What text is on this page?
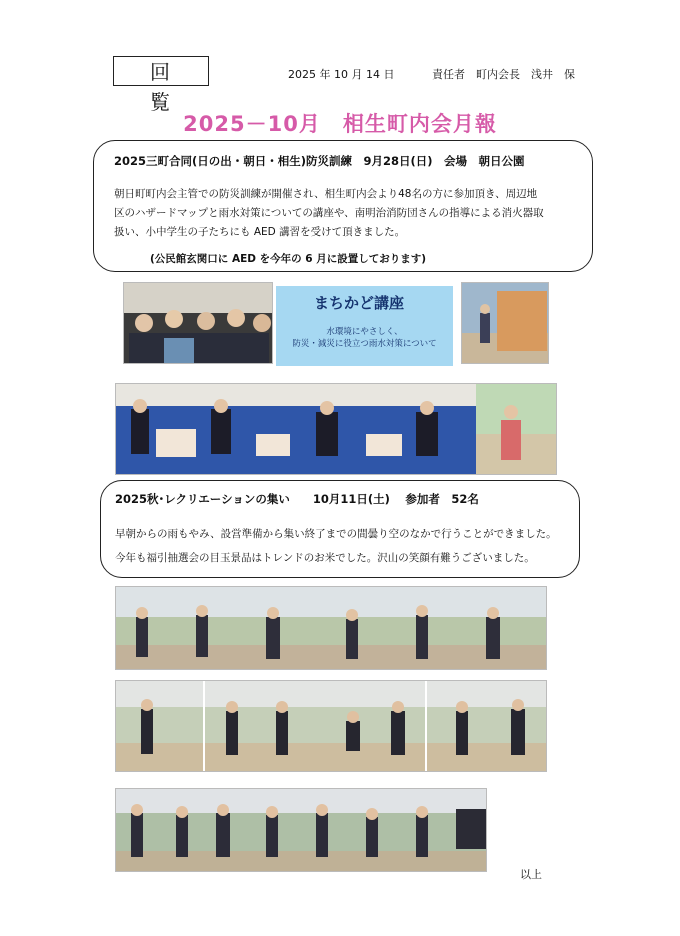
回 覧
2025 年 10 月 14 日	責任者　町内会長　浅井　保
2025－10月　相生町内会月報
2025三町合同(日の出・朝日・相生)防災訓練　9月28日(日)　会場　朝日公園
朝日町町内会主管での防災訓練が開催され、相生町内会より48名の方に参加頂き、周辺地
区のハザードマップと雨水対策についての講座や、南明治消防団さんの指導による消火器取
扱い、小中学生の子たちにも AED 講習を受けて頂きました。
(公民館玄関口に AED を今年の 6 月に設置しております)
まちかど講座
水環境にやさしく、
防災・減災に役立つ雨水対策について
2025秋･レクリエーションの集い　　10月11日(土)　 参加者　52名
早朝からの雨もやみ、設営準備から集い終了までの間曇り空のなかで行うことができました。
今年も福引抽選会の目玉景品はトレンドのお米でした。沢山の笑顔有難うございました。
以上
